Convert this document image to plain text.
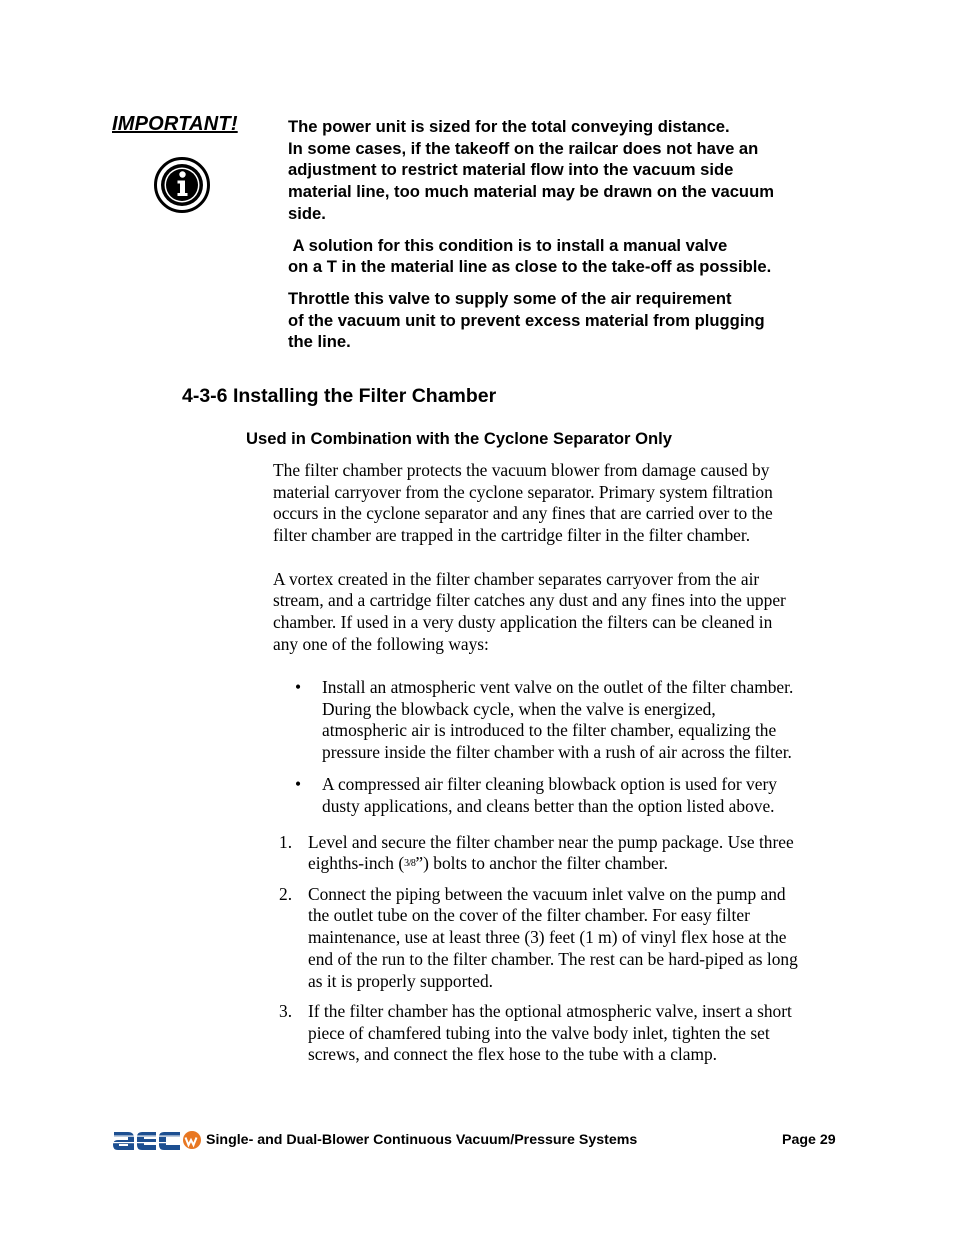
IMPORTANT!	The power unit is sized for the total conveying distance.
In some cases, if the takeoff on the railcar does not have an
adjustment to restrict material flow into the vacuum side
material line, too much material may be drawn on the vacuum
side.

A solution for this condition is to install a manual valve
on a T in the material line as close to the take-off as possible.

Throttle this valve to supply some of the air requirement
of the vacuum unit to prevent excess material from plugging
the line.

4-3-6 Installing the Filter Chamber
Used in Combination with the Cyclone Separator Only

The filter chamber protects the vacuum blower from damage caused by
material carryover from the cyclone separator. Primary system filtration
occurs in the cyclone separator and any fines that are carried over to the
filter chamber are trapped in the cartridge filter in the filter chamber.

A vortex created in the filter chamber separates carryover from the air
stream, and a cartridge filter catches any dust and any fines into the upper
chamber. If used in a very dusty application the filters can be cleaned in
any one of the following ways:

• Install an atmospheric vent valve on the outlet of the filter chamber.
During the blowback cycle, when the valve is energized,
atmospheric air is introduced to the filter chamber, equalizing the
pressure inside the filter chamber with a rush of air across the filter.
• A compressed air filter cleaning blowback option is used for very
dusty applications, and cleans better than the option listed above.
1. Level and secure the filter chamber near the pump package. Use three
eighths-inch (3/8”) bolts to anchor the filter chamber.
2. Connect the piping between the vacuum inlet valve on the pump and
the outlet tube on the cover of the filter chamber. For easy filter
maintenance, use at least three (3) feet (1 m) of vinyl flex hose at the
end of the run to the filter chamber. The rest can be hard-piped as long
as it is properly supported.
3. If the filter chamber has the optional atmospheric valve, insert a short
piece of chamfered tubing into the valve body inlet, tighten the set
screws, and connect the flex hose to the tube with a clamp.
Single- and Dual-Blower Continuous Vacuum/Pressure Systems	Page 29
